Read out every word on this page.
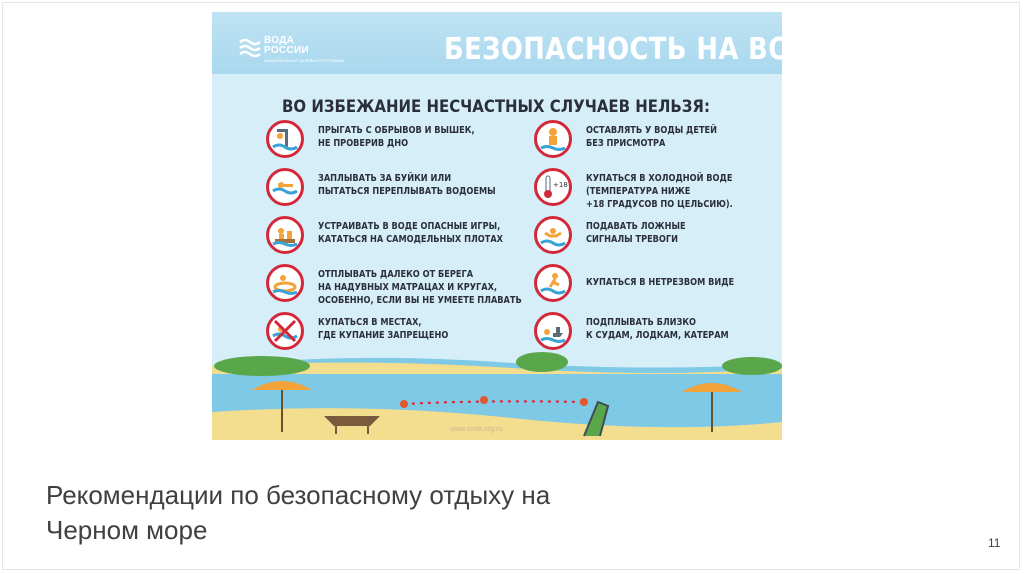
ВОДА
РОССИИ
НАЦИОНАЛЬНАЯ ЦЕЛЕВАЯ ПРОГРАММА	БЕЗОПАСНОСТЬ НА ВОДЕ
ВО ИЗБЕЖАНИЕ НЕСЧАСТНЫХ СЛУЧАЕВ НЕЛЬЗЯ:
ПРЫГАТЬ С ОБРЫВОВ И ВЫШЕК,
НЕ ПРОВЕРИВ ДНО
ЗАПЛЫВАТЬ ЗА БУЙКИ ИЛИ
ПЫТАТЬСЯ ПЕРЕПЛЫВАТЬ ВОДОЕМЫ
УСТРАИВАТЬ В ВОДЕ ОПАСНЫЕ ИГРЫ,
КАТАТЬСЯ НА САМОДЕЛЬНЫХ ПЛОТАХ
ОТПЛЫВАТЬ ДАЛЕКО ОТ БЕРЕГА
НА НАДУВНЫХ МАТРАЦАХ И КРУГАХ,
ОСОБЕННО, ЕСЛИ ВЫ НЕ УМЕЕТЕ ПЛАВАТЬ
КУПАТЬСЯ В МЕСТАХ,
ГДЕ КУПАНИЕ ЗАПРЕЩЕНО
ОСТАВЛЯТЬ У ВОДЫ ДЕТЕЙ
БЕЗ ПРИСМОТРА
+18
КУПАТЬСЯ В ХОЛОДНОЙ ВОДЕ
(ТЕМПЕРАТУРА НИЖЕ
+18 ГРАДУСОВ ПО ЦЕЛЬСИЮ).
ПОДАВАТЬ ЛОЖНЫЕ
СИГНАЛЫ ТРЕВОГИ
КУПАТЬСЯ В НЕТРЕЗВОМ ВИДЕ
ПОДПЛЫВАТЬ БЛИЗКО
К СУДАМ, ЛОДКАМ, КАТЕРАМ
www.voda.org.ru
Рекомендации по безопасному отдыху на
Черном море	11
